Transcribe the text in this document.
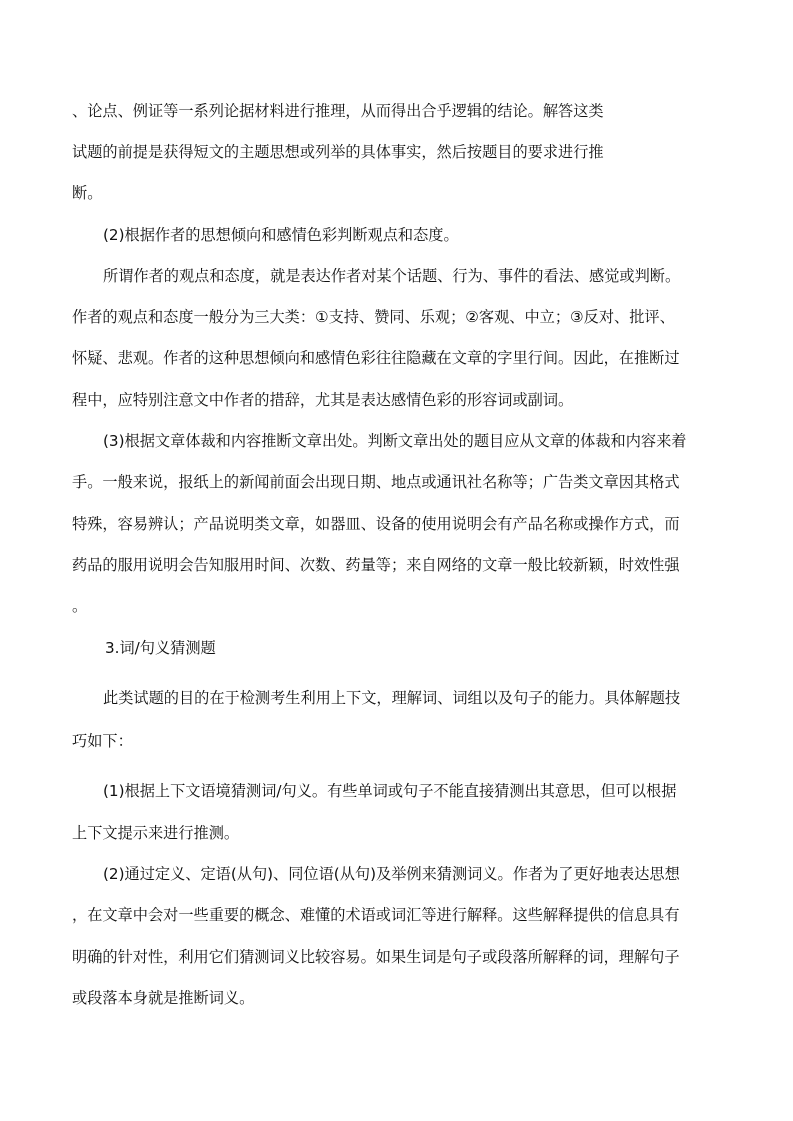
、论点、例证等一系列论据材料进行推理，从而得出合乎逻辑的结论。解答这类
试题的前提是获得短文的主题思想或列举的具体事实，然后按题目的要求进行推
断。
(2)根据作者的思想倾向和感情色彩判断观点和态度。
所谓作者的观点和态度，就是表达作者对某个话题、行为、事件的看法、感觉或判断。
作者的观点和态度一般分为三大类：①支持、赞同、乐观；②客观、中立；③反对、批评、
怀疑、悲观。作者的这种思想倾向和感情色彩往往隐藏在文章的字里行间。因此，在推断过
程中，应特别注意文中作者的措辞，尤其是表达感情色彩的形容词或副词。
(3)根据文章体裁和内容推断文章出处。判断文章出处的题目应从文章的体裁和内容来着
手。一般来说，报纸上的新闻前面会出现日期、地点或通讯社名称等；广告类文章因其格式
特殊，容易辨认；产品说明类文章，如器皿、设备的使用说明会有产品名称或操作方式，而
药品的服用说明会告知服用时间、次数、药量等；来自网络的文章一般比较新颖，时效性强
。
3.词/句义猜测题
此类试题的目的在于检测考生利用上下文，理解词、词组以及句子的能力。具体解题技
巧如下：
(1)根据上下文语境猜测词/句义。有些单词或句子不能直接猜测出其意思，但可以根据
上下文提示来进行推测。
(2)通过定义、定语(从句)、同位语(从句)及举例来猜测词义。作者为了更好地表达思想
，在文章中会对一些重要的概念、难懂的术语或词汇等进行解释。这些解释提供的信息具有
明确的针对性，利用它们猜测词义比较容易。如果生词是句子或段落所解释的词，理解句子
或段落本身就是推断词义。
